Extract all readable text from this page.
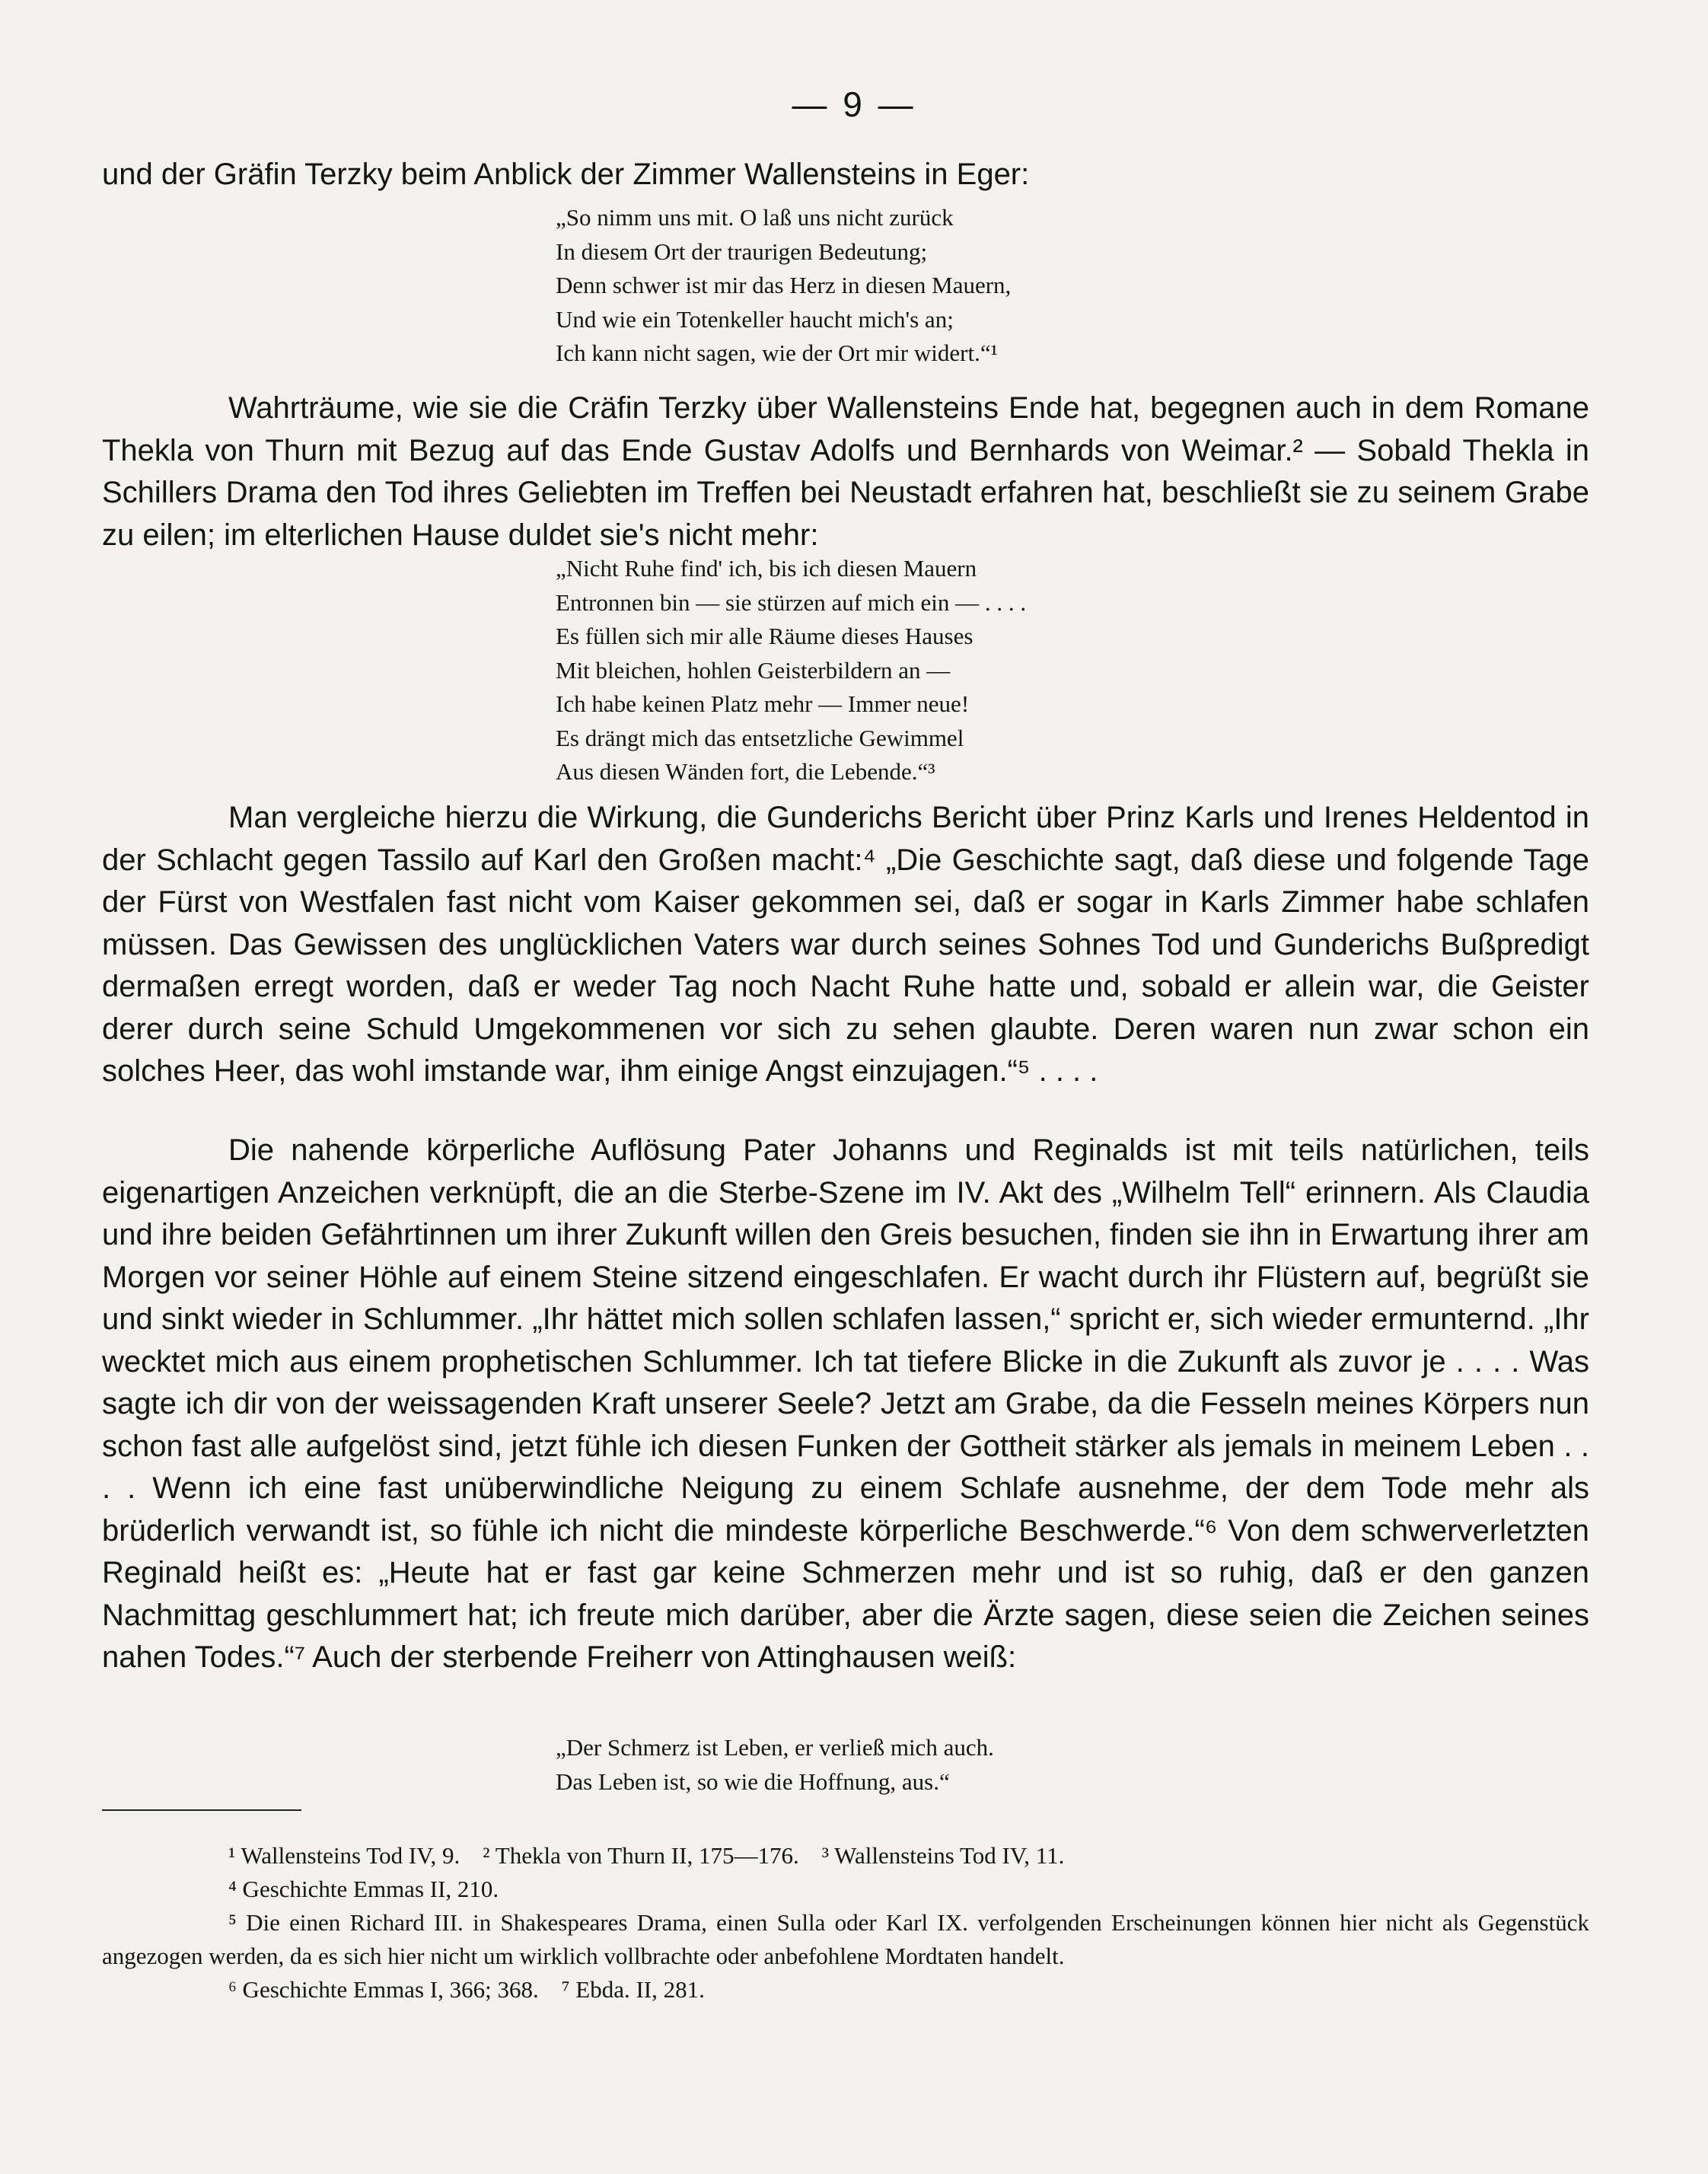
— 9 —

und der Gräfin Terzky beim Anblick der Zimmer Wallensteins in Eger:

„So nimm uns mit. O laß uns nicht zurück
In diesem Ort der traurigen Bedeutung;
Denn schwer ist mir das Herz in diesen Mauern,
Und wie ein Totenkeller haucht mich's an;
Ich kann nicht sagen, wie der Ort mir widert.“¹

Wahrträume, wie sie die Cräfin Terzky über Wallensteins Ende hat, begegnen auch in dem Romane Thekla von Thurn mit Bezug auf das Ende Gustav Adolfs und Bernhards von Weimar.² — Sobald Thekla in Schillers Drama den Tod ihres Geliebten im Treffen bei Neustadt erfahren hat, beschließt sie zu seinem Grabe zu eilen; im elterlichen Hause duldet sie's nicht mehr:

„Nicht Ruhe find' ich, bis ich diesen Mauern
Entronnen bin — sie stürzen auf mich ein — . . . .
Es füllen sich mir alle Räume dieses Hauses
Mit bleichen, hohlen Geisterbildern an —
Ich habe keinen Platz mehr — Immer neue!
Es drängt mich das entsetzliche Gewimmel
Aus diesen Wänden fort, die Lebende.“³

Man vergleiche hierzu die Wirkung, die Gunderichs Bericht über Prinz Karls und Irenes Heldentod in der Schlacht gegen Tassilo auf Karl den Großen macht:⁴ „Die Geschichte sagt, daß diese und folgende Tage der Fürst von Westfalen fast nicht vom Kaiser gekommen sei, daß er sogar in Karls Zimmer habe schlafen müssen. Das Gewissen des unglücklichen Vaters war durch seines Sohnes Tod und Gunderichs Bußpredigt dermaßen erregt worden, daß er weder Tag noch Nacht Ruhe hatte und, sobald er allein war, die Geister derer durch seine Schuld Umgekommenen vor sich zu sehen glaubte. Deren waren nun zwar schon ein solches Heer, das wohl imstande war, ihm einige Angst einzujagen.“⁵ . . . .

Die nahende körperliche Auflösung Pater Johanns und Reginalds ist mit teils natürlichen, teils eigenartigen Anzeichen verknüpft, die an die Sterbe-Szene im IV. Akt des „Wilhelm Tell“ erinnern. Als Claudia und ihre beiden Gefährtinnen um ihrer Zukunft willen den Greis besuchen, finden sie ihn in Erwartung ihrer am Morgen vor seiner Höhle auf einem Steine sitzend eingeschlafen. Er wacht durch ihr Flüstern auf, begrüßt sie und sinkt wieder in Schlummer. „Ihr hättet mich sollen schlafen lassen,“ spricht er, sich wieder ermunternd. „Ihr wecktet mich aus einem prophetischen Schlummer. Ich tat tiefere Blicke in die Zukunft als zuvor je . . . . Was sagte ich dir von der weissagenden Kraft unserer Seele? Jetzt am Grabe, da die Fesseln meines Körpers nun schon fast alle aufgelöst sind, jetzt fühle ich diesen Funken der Gottheit stärker als jemals in meinem Leben . . . . Wenn ich eine fast unüberwindliche Neigung zu einem Schlafe ausnehme, der dem Tode mehr als brüderlich verwandt ist, so fühle ich nicht die mindeste körperliche Beschwerde.“⁶ Von dem schwerverletzten Reginald heißt es: „Heute hat er fast gar keine Schmerzen mehr und ist so ruhig, daß er den ganzen Nachmittag geschlummert hat; ich freute mich darüber, aber die Ärzte sagen, diese seien die Zeichen seines nahen Todes.“⁷ Auch der sterbende Freiherr von Attinghausen weiß:

„Der Schmerz ist Leben, er verließ mich auch.
Das Leben ist, so wie die Hoffnung, aus.“

¹ Wallensteins Tod IV, 9. ² Thekla von Thurn II, 175—176. ³ Wallensteins Tod IV, 11.

⁴ Geschichte Emmas II, 210.

⁵ Die einen Richard III. in Shakespeares Drama, einen Sulla oder Karl IX. verfolgenden Erscheinungen können hier nicht als Gegenstück angezogen werden, da es sich hier nicht um wirklich vollbrachte oder anbefohlene Mordtaten handelt.

⁶ Geschichte Emmas I, 366; 368. ⁷ Ebda. II, 281.
